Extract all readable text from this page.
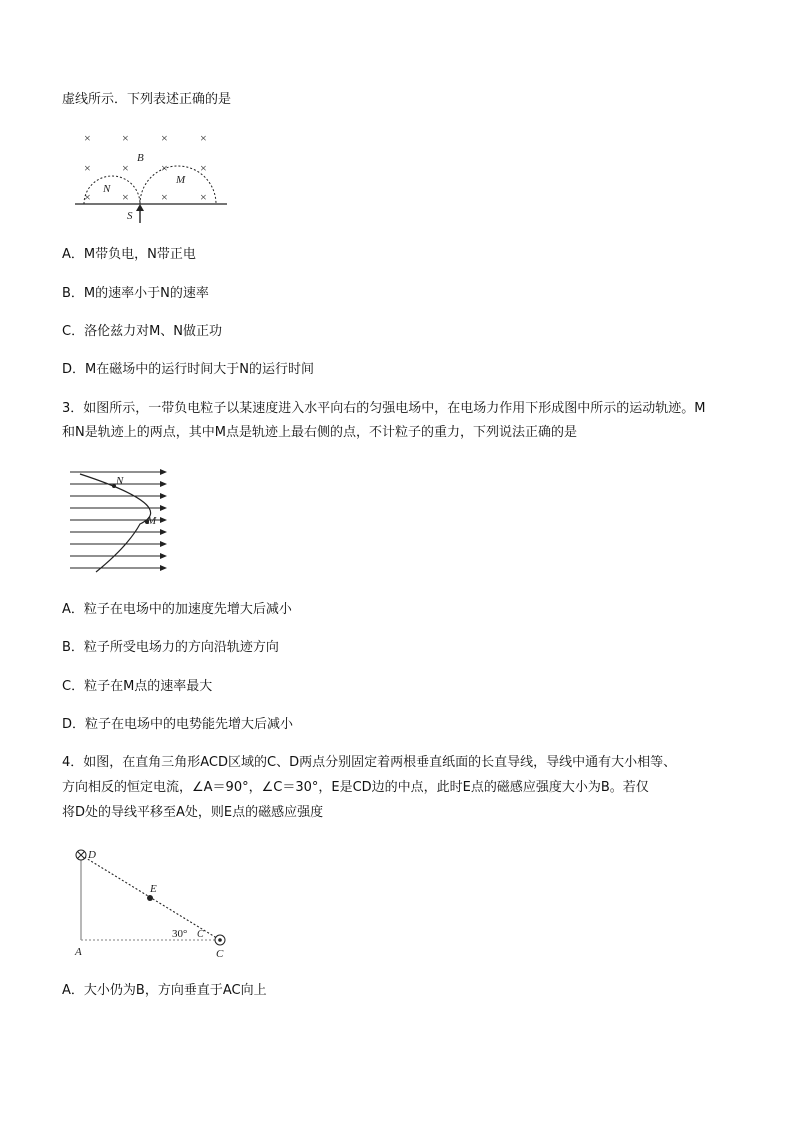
虚线所示．下列表述正确的是
×	×	×	×
×	×	×	×
×	×	×	×
B
N
M
S
A．M带负电，N带正电
B．M的速率小于N的速率
C．洛伦兹力对M、N做正功
D．M在磁场中的运行时间大于N的运行时间
3．如图所示，一带负电粒子以某速度进入水平向右的匀强电场中，在电场力作用下形成图中所示的运动轨迹。M
和N是轨迹上的两点，其中M点是轨迹上最右侧的点，不计粒子的重力，下列说法正确的是
N
M
A．粒子在电场中的加速度先增大后减小
B．粒子所受电场力的方向沿轨迹方向
C．粒子在M点的速率最大
D．粒子在电场中的电势能先增大后减小
4．如图，在直角三角形ACD区域的C、D两点分别固定着两根垂直纸面的长直导线，导线中通有大小相等、
方向相反的恒定电流，∠A＝90°，∠C＝30°，E是CD边的中点，此时E点的磁感应强度大小为B。若仅
将D处的导线平移至A处，则E点的磁感应强度
D
E
30° C
A	C
A．大小仍为B，方向垂直于AC向上
